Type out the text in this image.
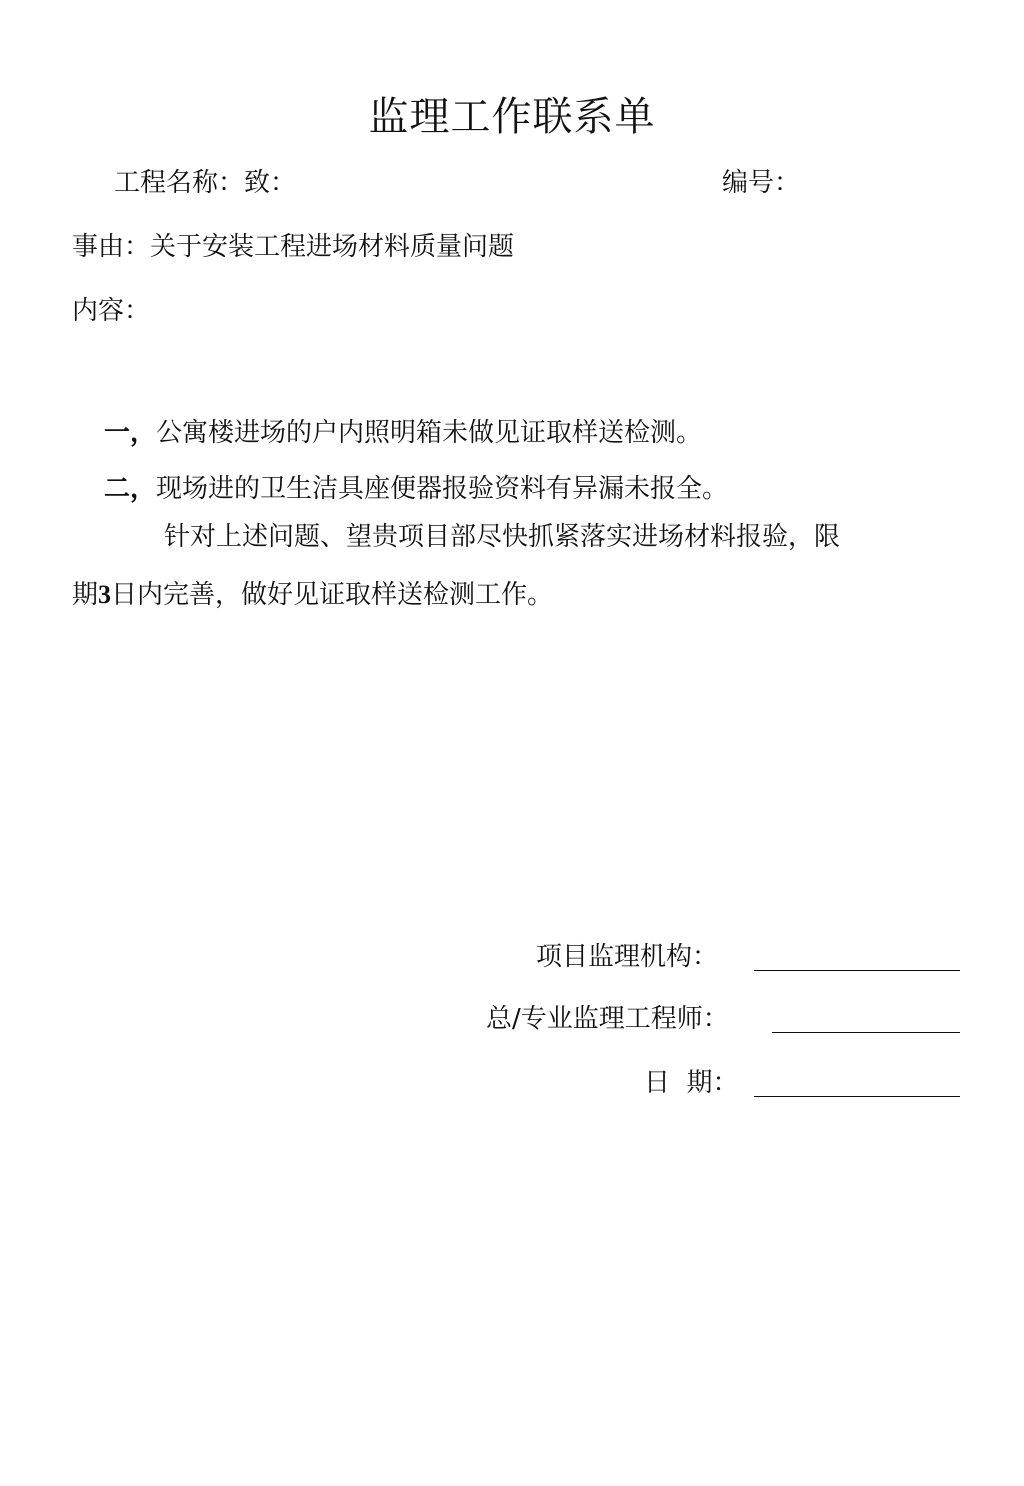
监理工作联系单
工程名称：致：	编号：
事由：关于安装工程进场材料质量问题
内容：
一，公寓楼进场的户内照明箱未做见证取样送检测。
二，现场进的卫生洁具座便器报验资料有异漏未报全。
针对上述问题、望贵项目部尽快抓紧落实进场材料报验，限
期3日内完善，做好见证取样送检测工作。
项目监理机构：
总/专业监理工程师：
日  期：
